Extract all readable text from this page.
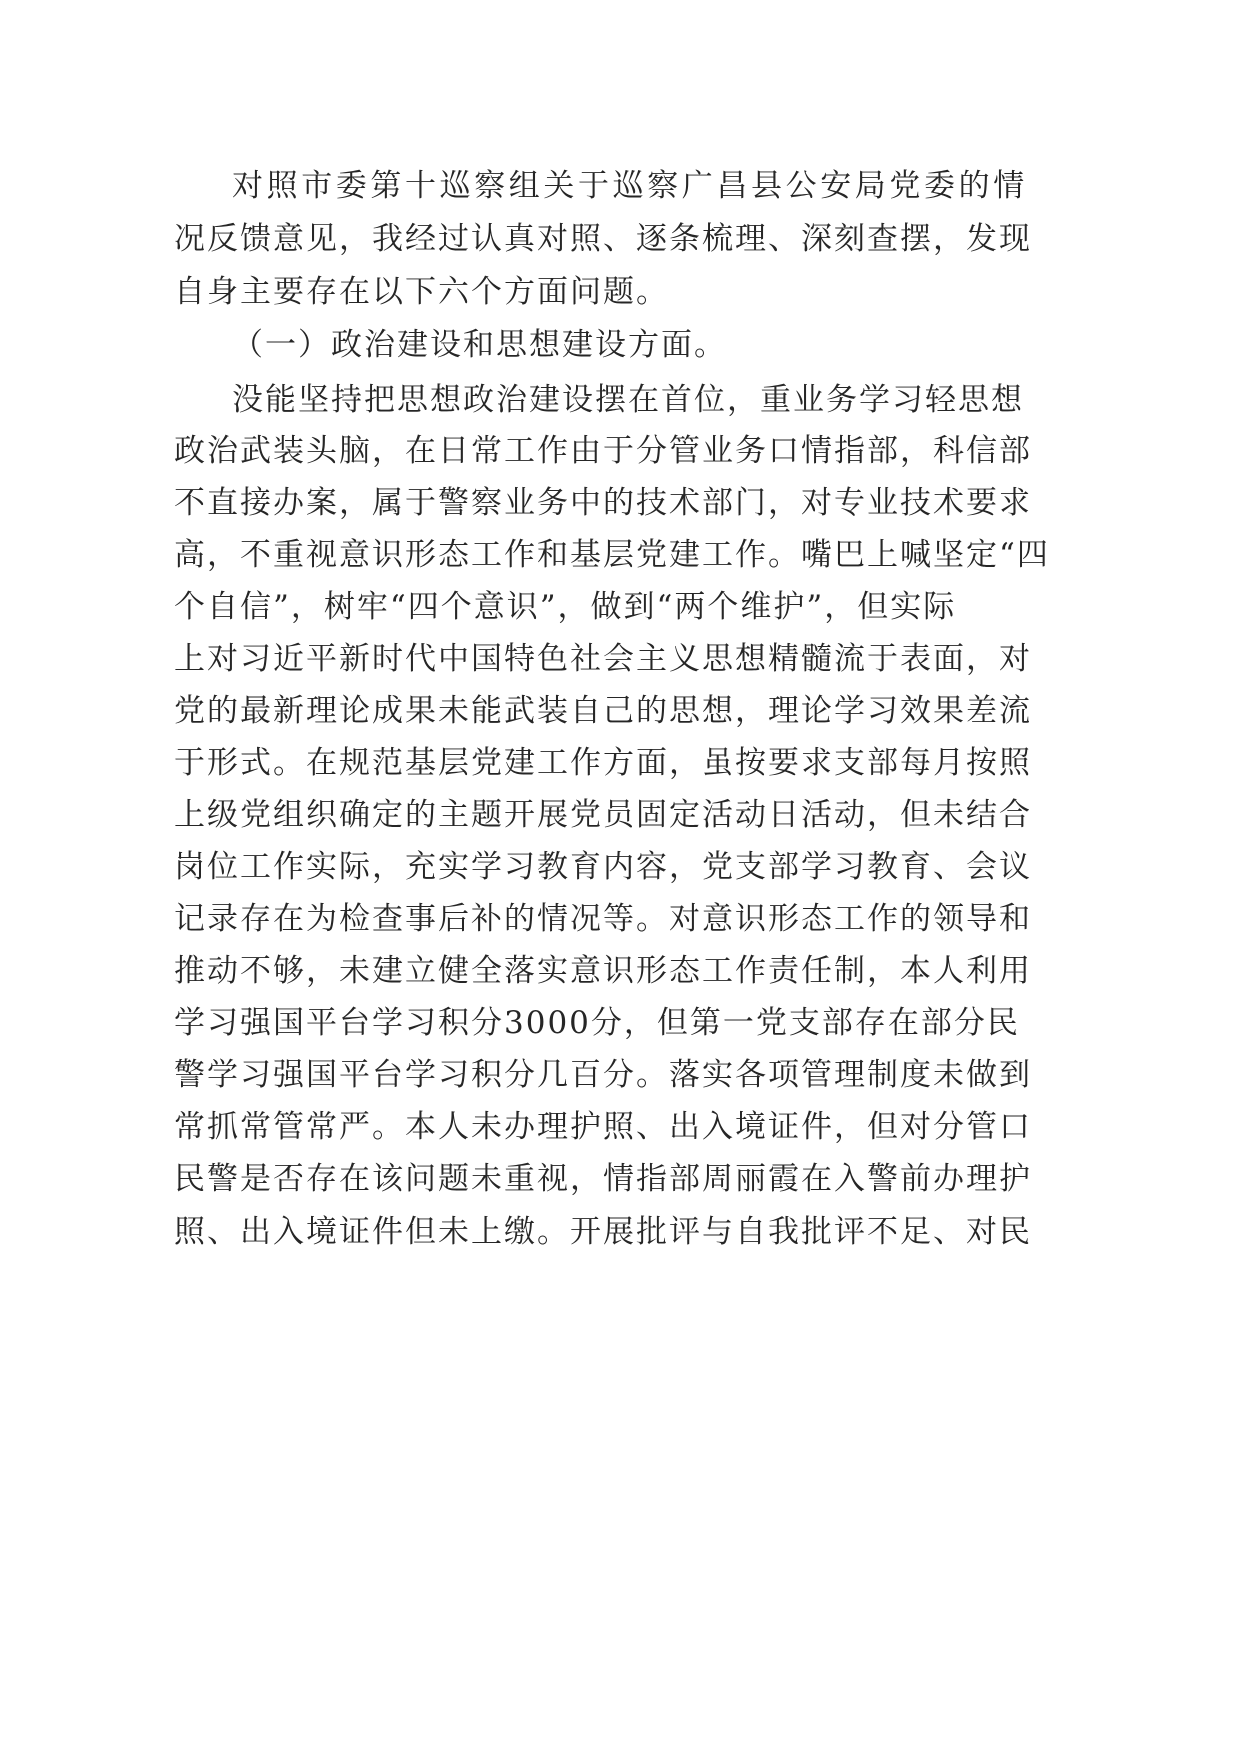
对照市委第十巡察组关于巡察广昌县公安局党委的情

况反馈意见，我经过认真对照、逐条梳理、深刻查摆，发现

自身主要存在以下六个方面问题。

（一）政治建设和思想建设方面。

没能坚持把思想政治建设摆在首位，重业务学习轻思想

政治武装头脑，在日常工作由于分管业务口情指部，科信部

不直接办案，属于警察业务中的技术部门，对专业技术要求

高，不重视意识形态工作和基层党建工作。嘴巴上喊坚定“四

个自信”，树牢“四个意识”，做到“两个维护”，但实际

上对习近平新时代中国特色社会主义思想精髓流于表面，对

党的最新理论成果未能武装自己的思想，理论学习效果差流

于形式。在规范基层党建工作方面，虽按要求支部每月按照

上级党组织确定的主题开展党员固定活动日活动，但未结合

岗位工作实际，充实学习教育内容，党支部学习教育、会议

记录存在为检查事后补的情况等。对意识形态工作的领导和

推动不够，未建立健全落实意识形态工作责任制，本人利用

学习强国平台学习积分3000分，但第一党支部存在部分民

警学习强国平台学习积分几百分。落实各项管理制度未做到

常抓常管常严。本人未办理护照、出入境证件，但对分管口

民警是否存在该问题未重视，情指部周丽霞在入警前办理护

照、出入境证件但未上缴。开展批评与自我批评不足、对民
